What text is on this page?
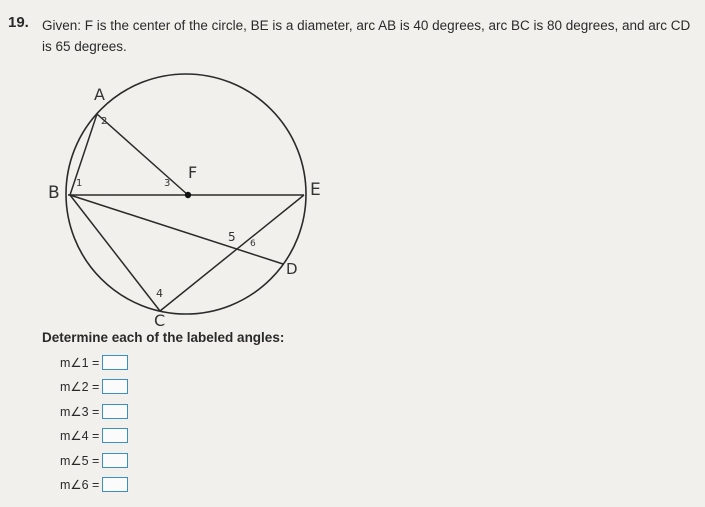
19. Given: F is the center of the circle, BE is a diameter, arc AB is 40 degrees, arc BC is 80 degrees, and arc CD is 65 degrees.
A
B
C
D
E
F
1
2
3
4
5 6
Determine each of the labeled angles:
m∠1 =
m∠2 =
m∠3 =
m∠4 =
m∠5 =
m∠6 =
